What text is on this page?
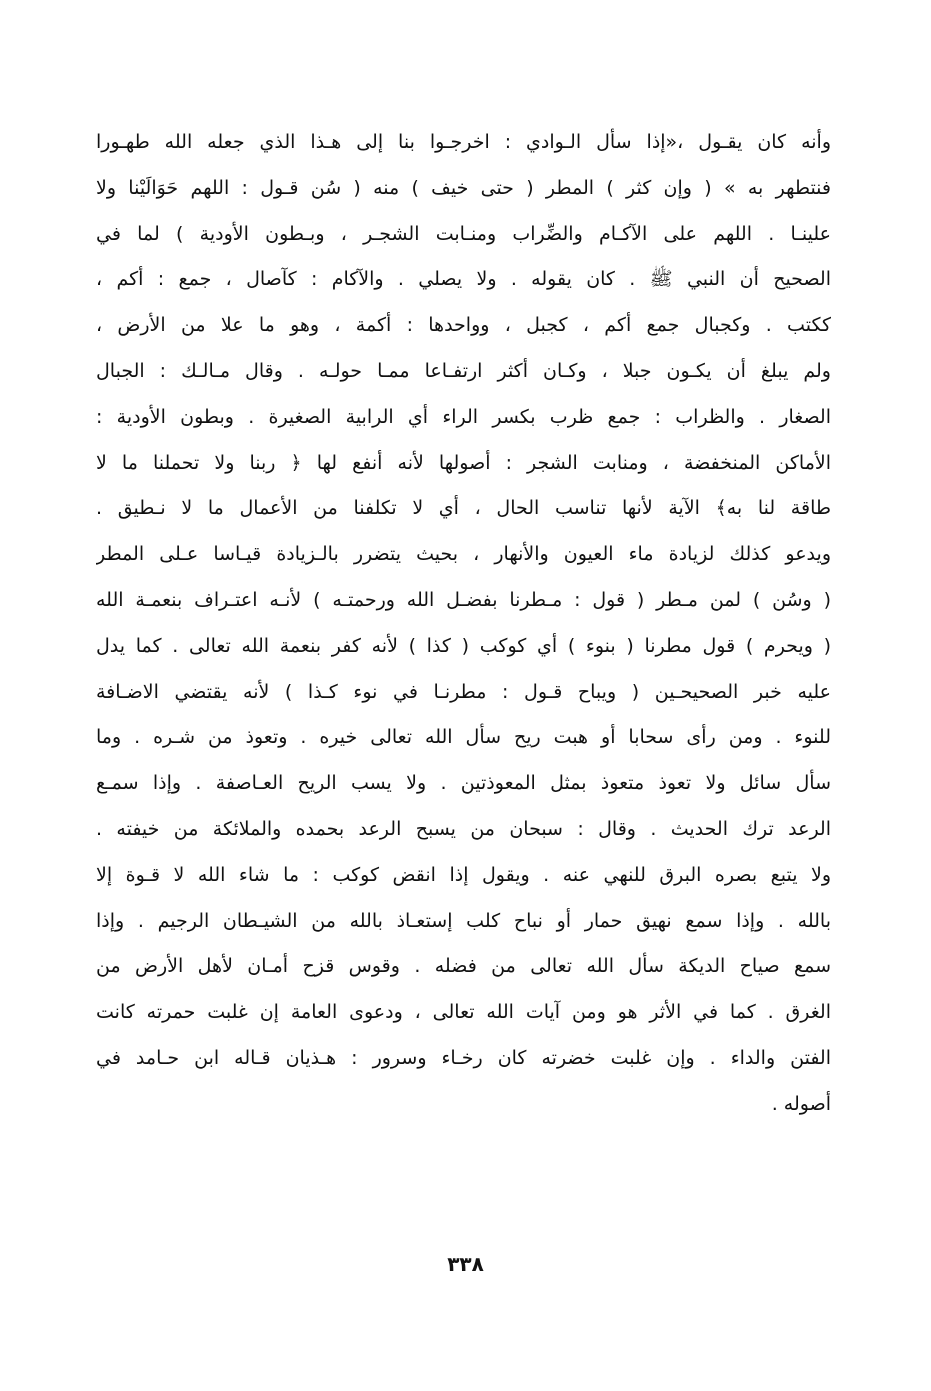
وأنه كان يقـول ،«إذا سأل الـوادي : اخرجـوا بنا إلى هـذا الذي جعله الله طهـورا
فنتطهر به » ( وإن كثر ) المطر ( حتى خيف ) منه ( سُن قـول : اللهم حَوَالَيْنا ولا
علينـا . اللهم على الآكـام والضِّراب ومنـابت الشجـر ، وبـطون الأودية ) لما في
الصحيح أن النبي ﷺ . كان يقوله . ولا يصلي . والآكام : كآصال ، جمع : أكم ،
ككتب . وكجبال جمع أكم ، كجبل ، وواحدها : أكمة ، وهو ما علا من الأرض ،
ولم يبلغ أن يكـون جبلا ، وكـان أكثر ارتفـاعا ممـا حولـه . وقال مـالـك : الجبال
الصغار . والظراب : جمع ظرب بكسر الراء أي الرابية الصغيرة . وبطون الأودية :
الأماكن المنخفضة ، ومنابت الشجر : أصولها لأنه أنفع لها ﴿ ربنا ولا تحملنا ما لا
طاقة لنا به﴾ الآية لأنها تناسب الحال ، أي لا تكلفنا من الأعمال ما لا نـطيق .
ويدعو كذلك لزيادة ماء العيون والأنهار ، بحيث يتضرر بالـزيادة قيـاسا عـلى المطر
( وسُن ) لمن مـطر ( قول : مـطرنا بفضـل الله ورحمتـه ) لأنـه اعتـراف بنعمـة الله
( ويحرم ) قول مطرنا ( بنوء ) أي كوكب ( كذا ) لأنه كفر بنعمة الله تعالى . كما يدل
عليه خبر الصحيحـين ( ويباح قـول : مطرنـا في نوء كـذا ) لأنه يقتضي الاضـافة
للنوء . ومن رأى سحابا أو هبت ريح سأل الله تعالى خيره . وتعوذ من شـره . وما
سأل سائل ولا تعوذ متعوذ بمثل المعوذتين . ولا يسب الريح العـاصفة . وإذا سمـع
الرعد ترك الحديث . وقال : سبحان من يسبح الرعد بحمده والملائكة من خيفته .
ولا يتبع بصره البرق للنهي عنه . ويقول إذا انقض كوكب : ما شاء الله لا قـوة إلا
بالله . وإذا سمع نهيق حمار أو نباح كلب إستعـاذ بالله من الشيـطان الرجيم . وإذا
سمع صياح الديكة سأل الله تعالى من فضله . وقوس قزح أمـان لأهل الأرض من
الغرق . كما في الأثر هو ومن آيات الله تعالى ، ودعوى العامة إن غلبت حمرته كانت
الفتن والداء . وإن غلبت خضرته كان رخـاء وسرور : هـذيان قـاله ابن حـامد في
أصوله .
٣٣٨
